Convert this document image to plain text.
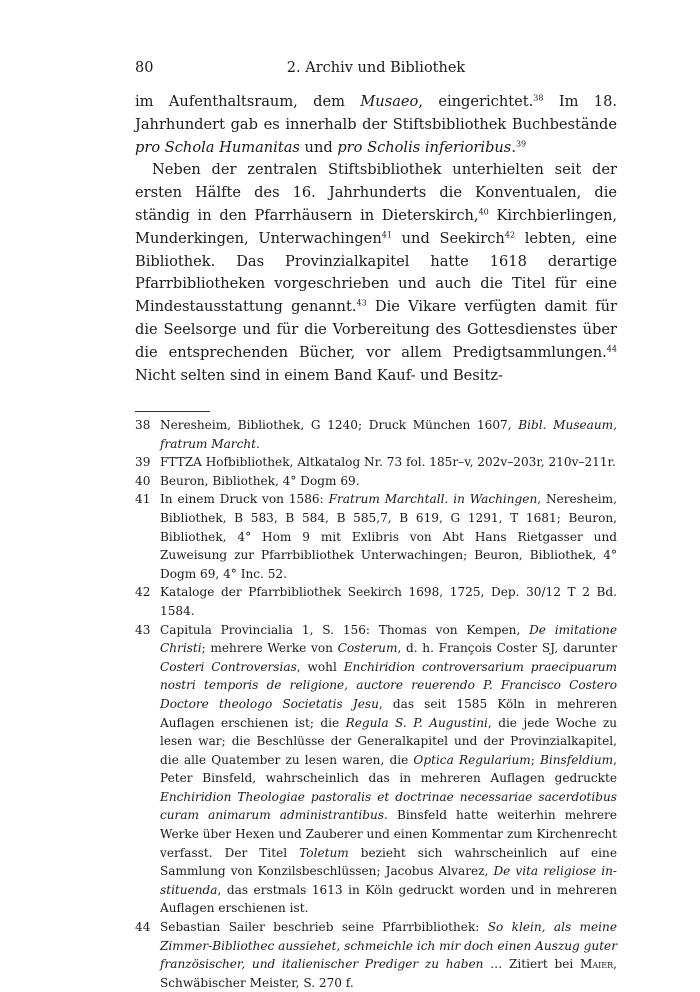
80	2. Archiv und Bibliothek

im Aufenthaltsraum, dem Musaeo, eingerichtet.$^{38}$ Im 18. Jahrhundert gab es innerhalb der Stiftsbibliothek Buchbestände pro Schola Humanitas und pro Scholis inferioribus.$^{39}$

Neben der zentralen Stiftsbibliothek unterhielten seit der ersten Hälfte des 16. Jahrhunderts die Konventualen, die ständig in den Pfarrhäusern in Dieterskirch,$^{40}$ Kirchbierlingen, Munderkingen, Unterwachingen$^{41}$ und Seekirch$^{42}$ lebten, eine Bibliothek. Das Provinzialkapitel hatte 1618 derartige Pfarrbibliotheken vorgeschrieben und auch die Titel für eine Mindestausstattung genannt.$^{43}$ Die Vikare verfügten damit für die Seelsorge und für die Vorbereitung des Gottesdienstes über die entsprechenden Bücher, vor allem Predigtsammlungen.$^{44}$ Nicht selten sind in einem Band Kauf- und Besitz-

38 Neresheim, Bibliothek, G 1240; Druck München 1607, Bibl. Museaum, fratrum Marcht.
39 FTTZA Hofbibliothek, Altkatalog Nr. 73 fol. 185r–v, 202v–203r, 210v–211r.
40 Beuron, Bibliothek, 4° Dogm 69.
41 In einem Druck von 1586: Fratrum Marchtall. in Wachingen, Neresheim, Bibliothek, B 583, B 584, B 585,7, B 619, G 1291, T 1681; Beuron, Bibliothek, 4° Hom 9 mit Exlibris von Abt Hans Rietgasser und Zuweisung zur Pfarrbibliothek Unterwachingen; Beuron, Bibliothek, 4° Dogm 69, 4° Inc. 52.
42 Kataloge der Pfarrbibliothek Seekirch 1698, 1725, Dep. 30/12 T 2 Bd. 1584.
43 Capitula Provincialia 1, S. 156: Thomas von Kempen, De imitatione Christi; mehrere Werke von Costerum, d. h. François Coster SJ, darunter Costeri Controversias, wohl Enchiridion controversarium praecipuarum nostri temporis de religione, auctore reuerendo P. Francisco Costero Doctore theologo Societatis Jesu, das seit 1585 Köln in mehreren Auflagen erschienen ist; die Regula S. P. Augustini, die jede Woche zu lesen war; die Beschlüsse der Generalkapitel und der Provinzialkapitel, die alle Quatember zu lesen waren, die Optica Regularium; Binsfeldium, Peter Binsfeld, wahrscheinlich das in mehreren Auflagen gedruckte Enchiridion Theologiae pastoralis et doctrinae necessariae sacerdotibus curam animarum administrantibus. Binsfeld hatte weiterhin mehrere Werke über Hexen und Zauberer und einen Kommentar zum Kirchenrecht verfasst. Der Titel Toletum bezieht sich wahrscheinlich auf eine Sammlung von Konzilsbeschlüssen; Jacobus Alvarez, De vita religiose instituenda, das erstmals 1613 in Köln gedruckt worden und in mehreren Auflagen erschienen ist.
44 Sebastian Sailer beschrieb seine Pfarrbibliothek: So klein, als meine Zimmer-Bibliothec aussiehet, schmeichle ich mir doch einen Auszug guter französischer, und italienischer Prediger zu haben … Zitiert bei Maier, Schwäbischer Meister, S. 270 f.
